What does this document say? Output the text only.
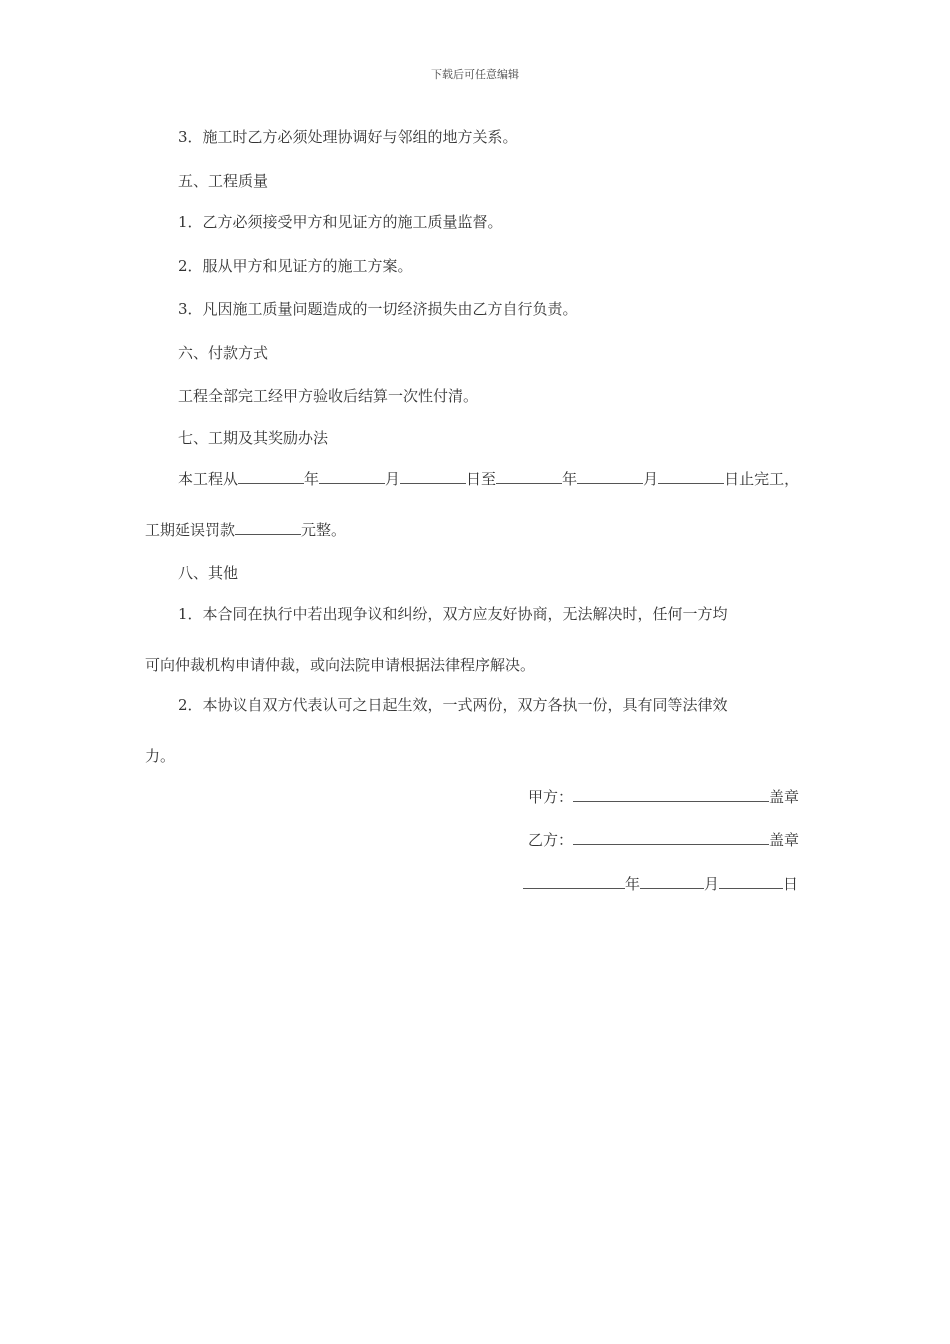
下载后可任意编辑
3．施工时乙方必须处理协调好与邻组的地方关系。
五、工程质量
1．乙方必须接受甲方和见证方的施工质量监督。
2．服从甲方和见证方的施工方案。
3．凡因施工质量问题造成的一切经济损失由乙方自行负责。
六、付款方式
工程全部完工经甲方验收后结算一次性付清。
七、工期及其奖励办法
本工程从	年	月	日至	年	月	日止完工，
工期延误罚款	元整。
八、其他
1．本合同在执行中若出现争议和纠纷，双方应友好协商，无法解决时，任何一方均
可向仲裁机构申请仲裁，或向法院申请根据法律程序解决。
2．本协议自双方代表认可之日起生效，一式两份，双方各执一份，具有同等法律效
力。
甲方：	盖章
乙方：	盖章
年	月	日
